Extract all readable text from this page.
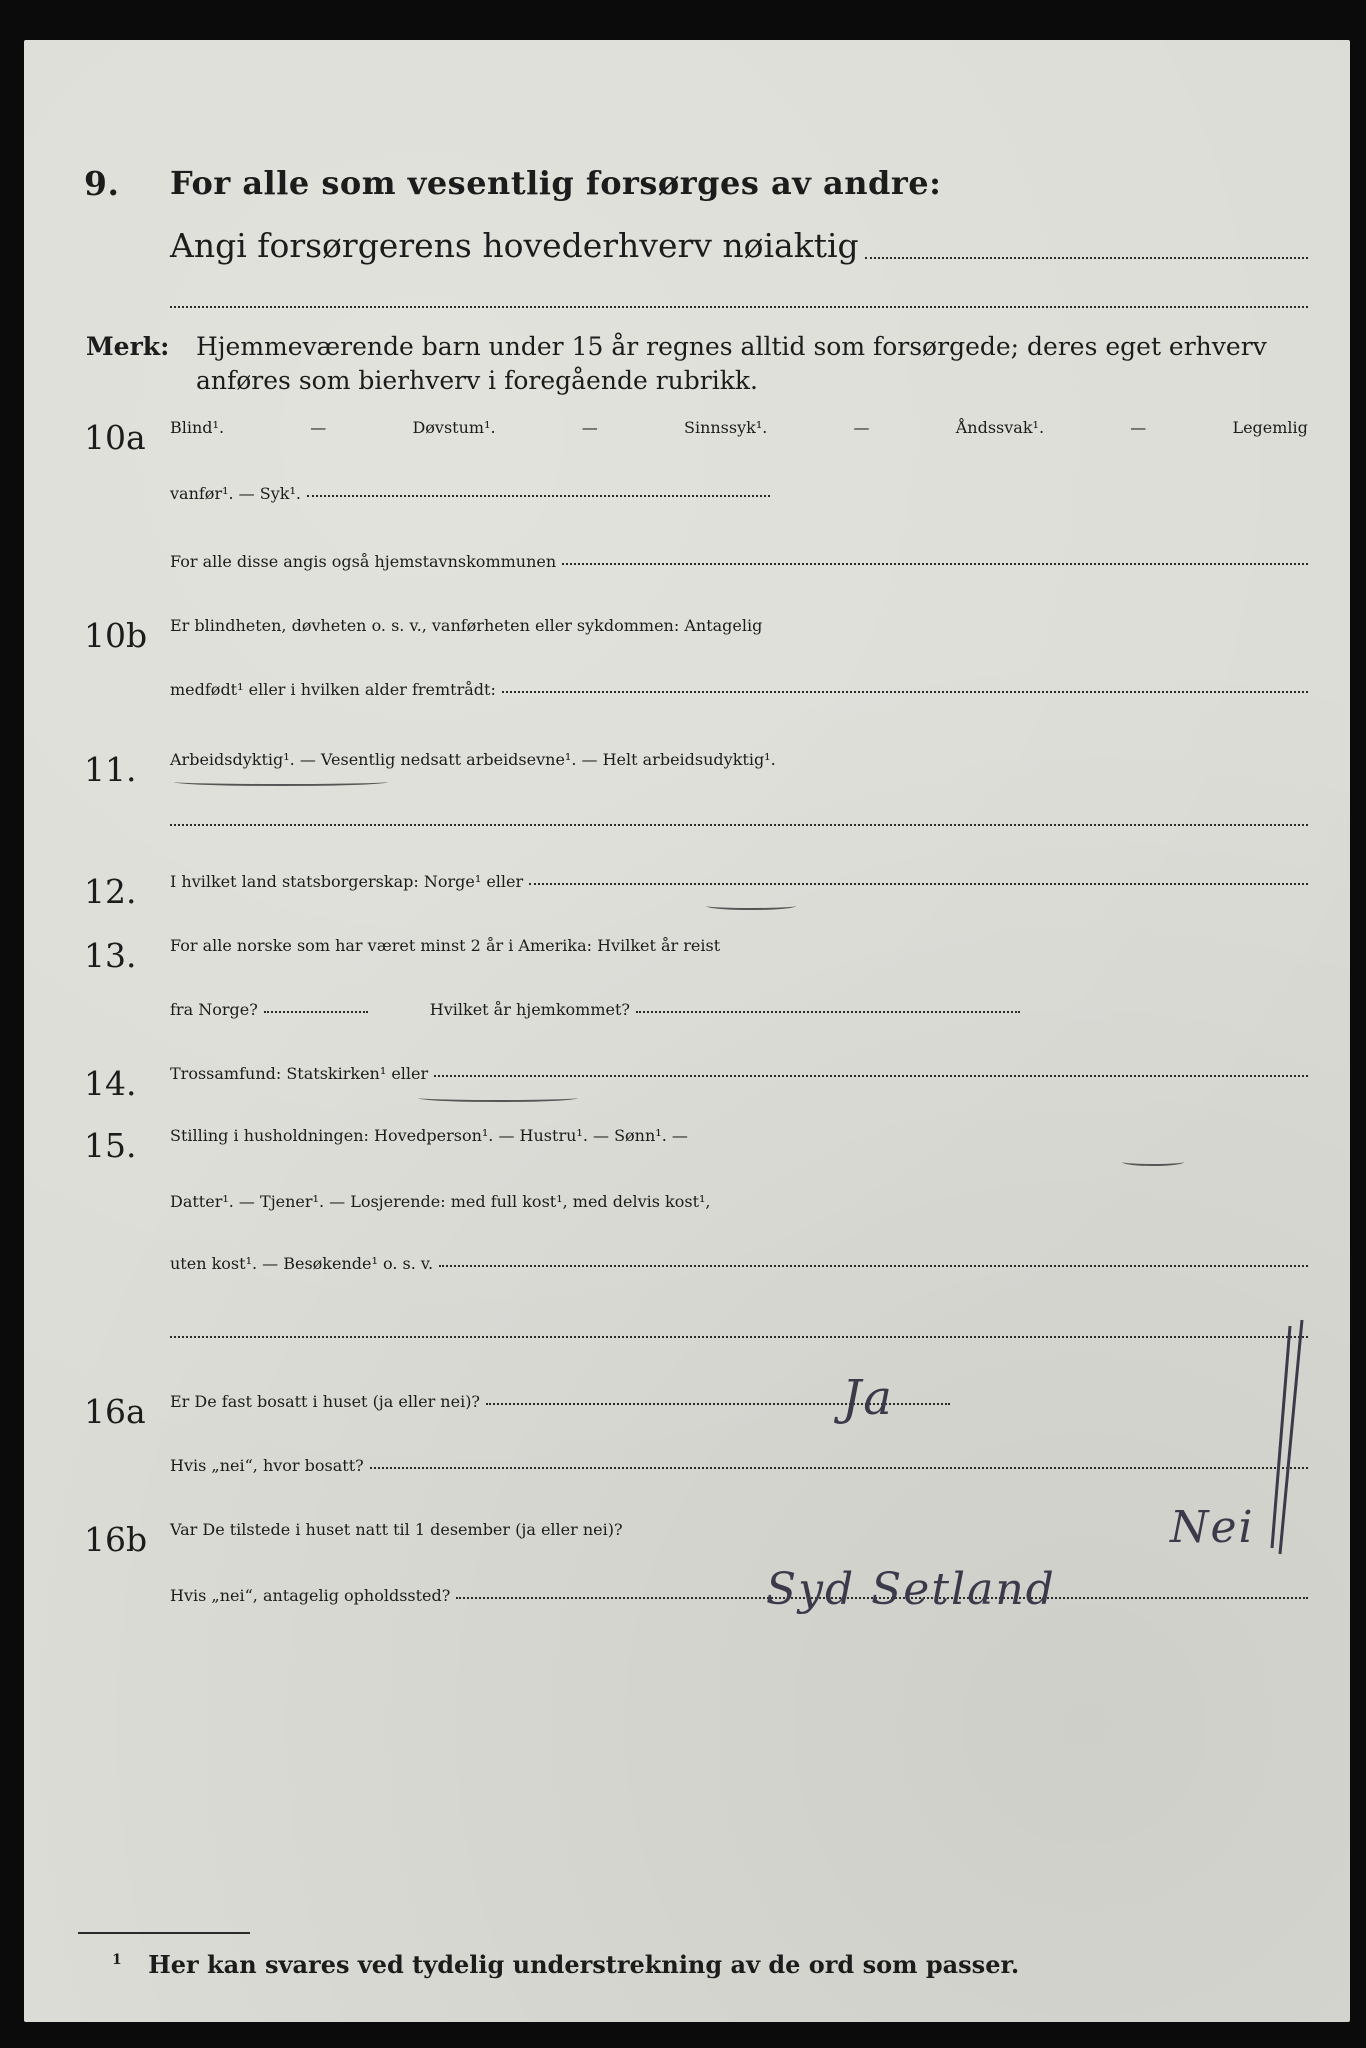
9. For alle som vesentlig forsørges av andre:
Angi forsørgerens hovederhverv nøiaktig
Merk: Hjemmeværende barn under 15 år regnes alltid som forsørgede; deres eget erhverv anføres som bierhverv i foregående rubrikk.
10a Blind¹.	—	Døvstum¹.	—	Sinnssyk¹.	—	Åndssvak¹.	—	Legemlig
vanfør¹. — Syk¹.
For alle disse angis også hjemstavnskommunen
10b Er blindheten, døvheten o. s. v., vanførheten eller sykdommen: Antagelig
medfødt¹ eller i hvilken alder fremtrådt:
11. Arbeidsdyktig¹. — Vesentlig nedsatt arbeidsevne¹. — Helt arbeidsudyktig¹.
12. I hvilket land statsborgerskap: Norge¹ eller
13. For alle norske som har været minst 2 år i Amerika: Hvilket år reist
fra Norge?	Hvilket år hjemkommet?
14. Trossamfund: Statskirken¹ eller
15. Stilling i husholdningen: Hovedperson¹. — Hustru¹. — Sønn¹. —
Datter¹. — Tjener¹. — Losjerende: med full kost¹, med delvis kost¹,
uten kost¹. — Besøkende¹ o. s. v.
16a Er De fast bosatt i huset (ja eller nei)?	Ja
Hvis „nei“, hvor bosatt?
16b Var De tilstede i huset natt til 1 desember (ja eller nei)?	Nei
Hvis „nei“, antagelig opholdssted?	Syd Setland
$^1$ Her kan svares ved tydelig understrekning av de ord som passer.
